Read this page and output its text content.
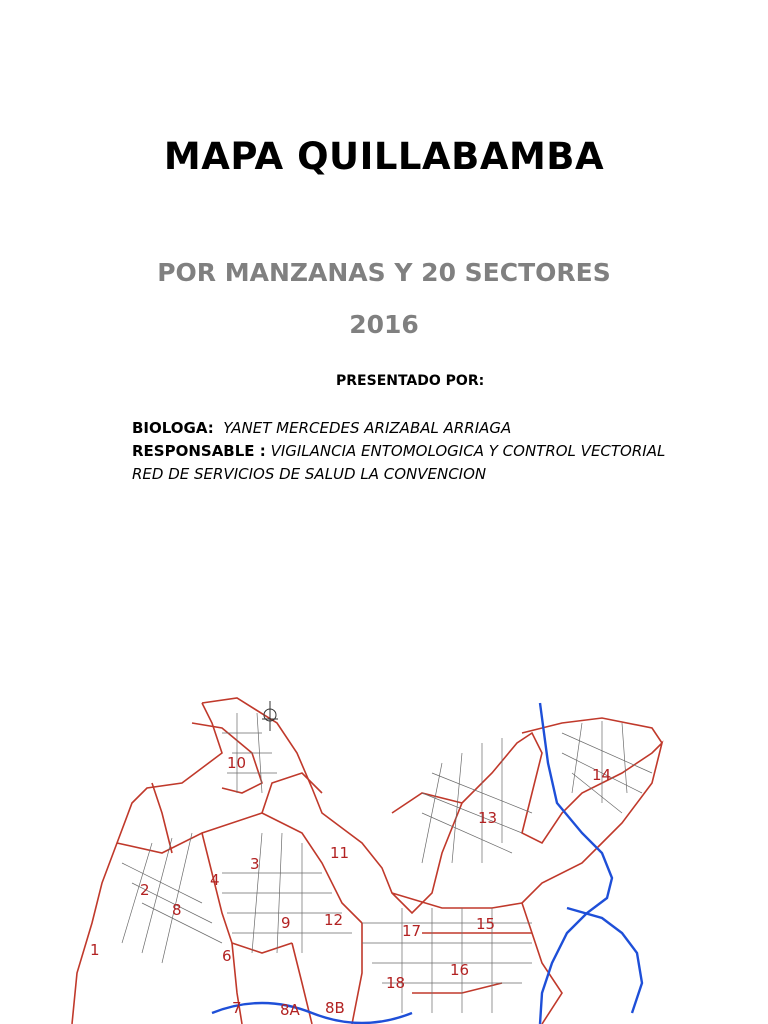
MAPA QUILLABAMBA
POR MANZANAS Y 20 SECTORES
2016
PRESENTADO POR:
BIOLOGA: YANET MERCEDES ARIZABAL ARRIAGA
RESPONSABLE : VIGILANCIA ENTOMOLOGICA Y CONTROL VECTORIAL
RED DE SERVICIOS DE SALUD LA CONVENCION
1
2
3
4
6
7
8
8A 8B
9
10
11
12
13
14
15
16
17
18
